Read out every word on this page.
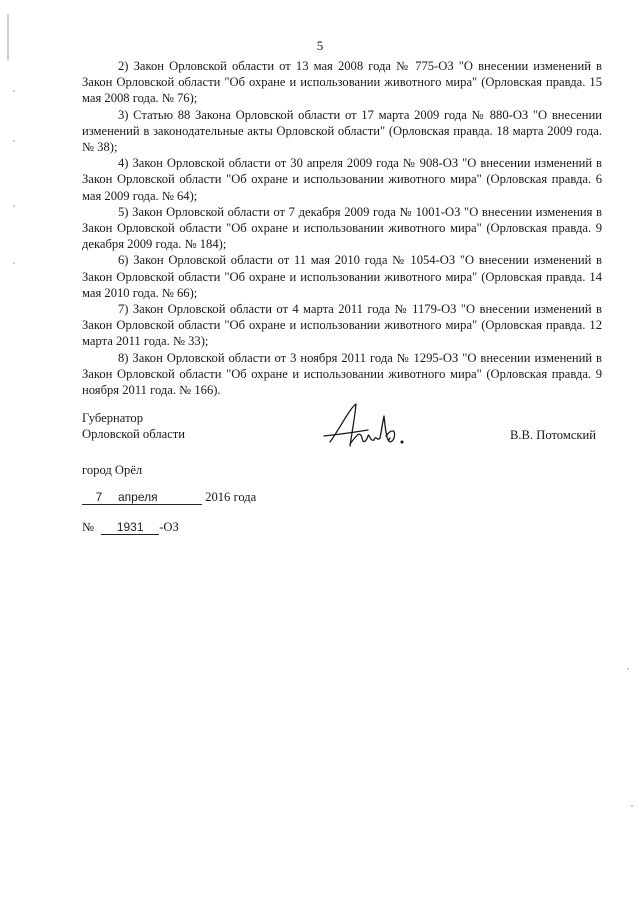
5

2) Закон Орловской области от 13 мая 2008 года № 775-ОЗ "О внесении изменений в Закон Орловской области "Об охране и использовании животного мира" (Орловская правда. 15 мая 2008 года. № 76);

3) Статью 88 Закона Орловской области от 17 марта 2009 года № 880-ОЗ "О внесении изменений в законодательные акты Орловской области" (Орловская правда. 18 марта 2009 года. № 38);

4) Закон Орловской области от 30 апреля 2009 года № 908-ОЗ "О внесении изменений в Закон Орловской области "Об охране и использовании животного мира" (Орловская правда. 6 мая 2009 года. № 64);

5) Закон Орловской области от 7 декабря 2009 года № 1001-ОЗ "О внесении изменения в Закон Орловской области "Об охране и использовании животного мира" (Орловская правда. 9 декабря 2009 года. № 184);

6) Закон Орловской области от 11 мая 2010 года № 1054-ОЗ "О внесении изменений в Закон Орловской области "Об охране и использовании животного мира" (Орловская правда. 14 мая 2010 года. № 66);

7) Закон Орловской области от 4 марта 2011 года № 1179-ОЗ "О внесении изменений в Закон Орловской области "Об охране и использовании животного мира" (Орловская правда. 12 марта 2011 года. № 33);

8) Закон Орловской области от 3 ноября 2011 года № 1295-ОЗ "О внесении изменений в Закон Орловской области "Об охране и использовании животного мира" (Орловская правда. 9 ноября 2011 года. № 166).

Губернатор
Орловской области	В.В. Потомский
город Орёл
7 апреля	2016 года
№ 1931 -ОЗ
